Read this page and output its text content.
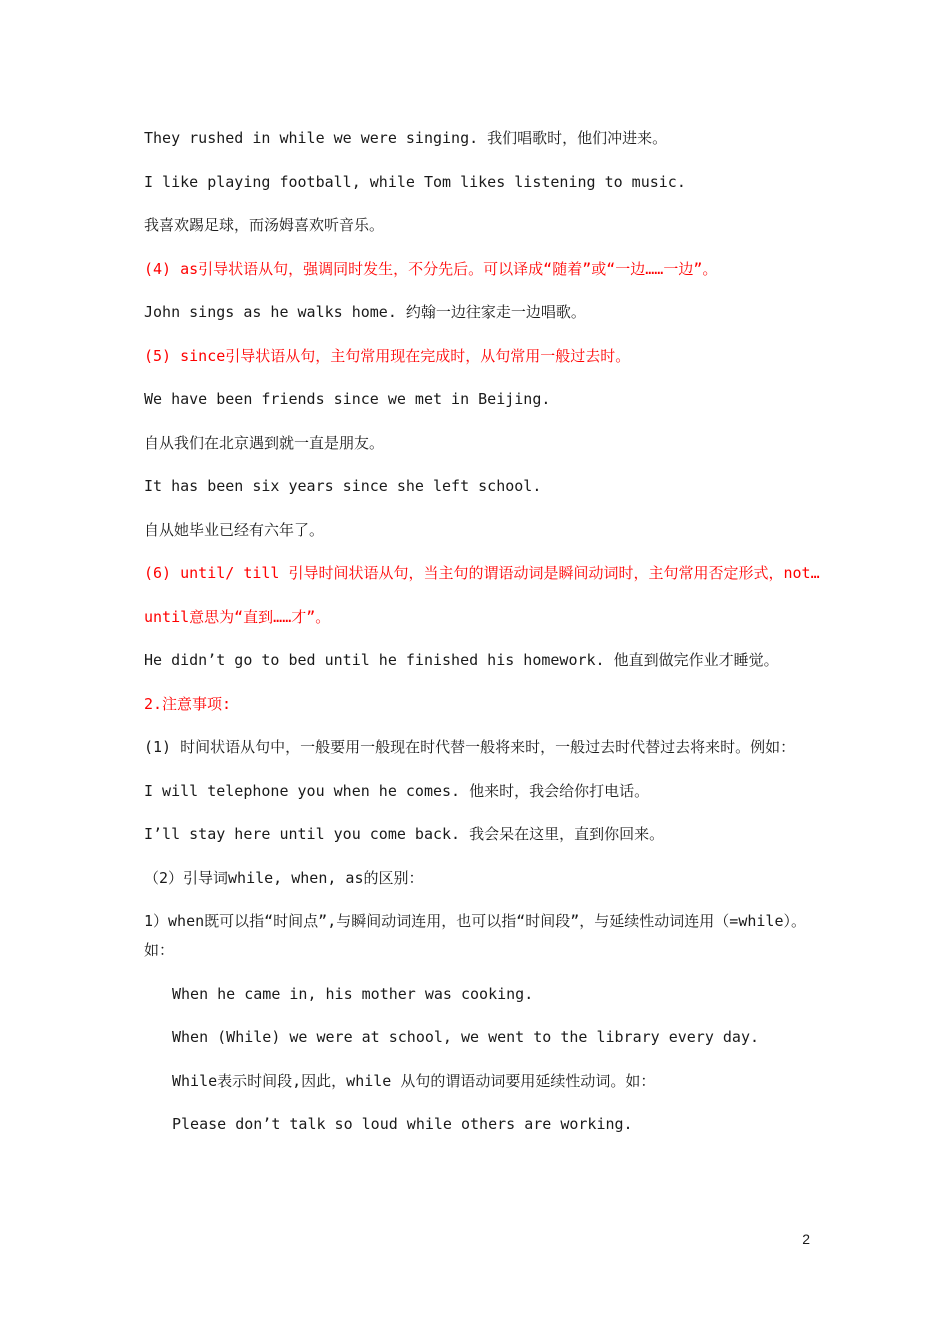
They rushed in while we were singing. 我们唱歌时，他们冲进来。

I like playing football, while Tom likes listening to music.

我喜欢踢足球，而汤姆喜欢听音乐。

(4) as引导状语从句，强调同时发生，不分先后。可以译成“随着”或“一边……一边”。

John sings as he walks home. 约翰一边往家走一边唱歌。

(5) since引导状语从句，主句常用现在完成时，从句常用一般过去时。

We have been friends since we met in Beijing.

自从我们在北京遇到就一直是朋友。

It has been six years since she left school.

自从她毕业已经有六年了。

(6) until/ till 引导时间状语从句，当主句的谓语动词是瞬间动词时，主句常用否定形式，not…

until意思为“直到……才”。

He didn’t go to bed until he finished his homework. 他直到做完作业才睡觉。

2.注意事项:

(1) 时间状语从句中，一般要用一般现在时代替一般将来时，一般过去时代替过去将来时。例如：

I will telephone you when he comes. 他来时，我会给你打电话。

I’ll stay here until you come back. 我会呆在这里，直到你回来。

（2）引导词while, when, as的区别：

1）when既可以指“时间点”,与瞬间动词连用，也可以指“时间段”，与延续性动词连用（=while）。如：

When he came in, his mother was cooking.

When (While) we were at school, we went to the library every day.

While表示时间段,因此，while 从句的谓语动词要用延续性动词。如：

Please don’t talk so loud while others are working.

2
